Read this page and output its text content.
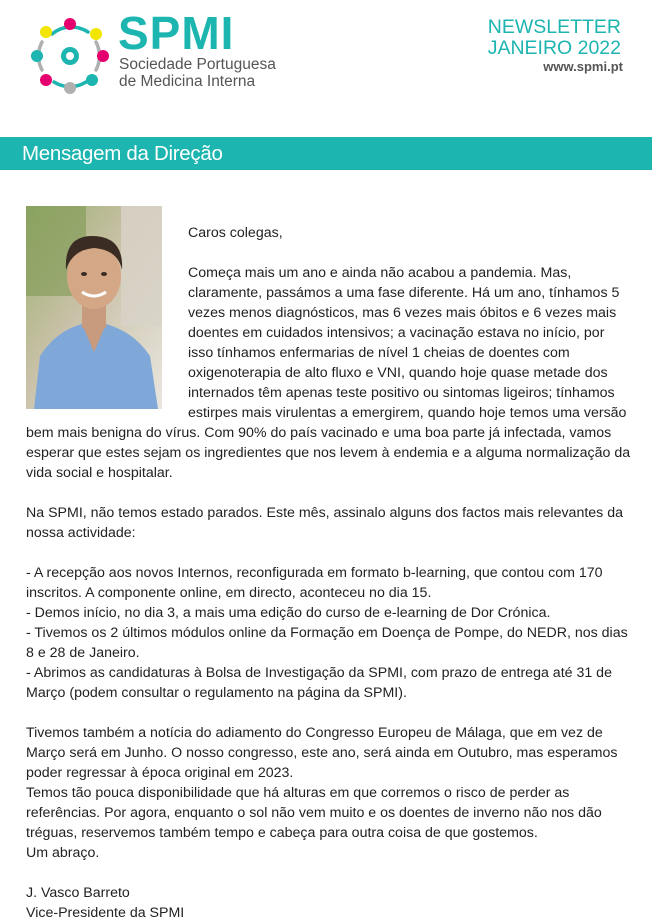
SPMI
Sociedade Portuguesa
de Medicina Interna
NEWSLETTER
JANEIRO 2022
www.spmi.pt
Mensagem da Direção

Caros colegas,

Começa mais um ano e ainda não acabou a pandemia. Mas, claramente, passámos a uma fase diferente. Há um ano, tínhamos 5 vezes menos diagnósticos, mas 6 vezes mais óbitos e 6 vezes mais doentes em cuidados intensivos; a vacinação estava no início, por isso tínhamos enfermarias de nível 1 cheias de doentes com oxigenoterapia de alto fluxo e VNI, quando hoje quase metade dos internados têm apenas teste positivo ou sintomas ligeiros; tínhamos estirpes mais virulentas a emergirem, quando hoje temos uma versão bem mais benigna do vírus. Com 90% do país vacinado e uma boa parte já infectada, vamos esperar que estes sejam os ingredientes que nos levem à endemia e a alguma normalização da vida social e hospitalar.

Na SPMI, não temos estado parados. Este mês, assinalo alguns dos factos mais relevantes da nossa actividade:

- A recepção aos novos Internos, reconfigurada em formato b-learning, que contou com 170 inscritos. A componente online, em directo, aconteceu no dia 15.

- Demos início, no dia 3, a mais uma edição do curso de e-learning de Dor Crónica.

- Tivemos os 2 últimos módulos online da Formação em Doença de Pompe, do NEDR, nos dias 8 e 28 de Janeiro.

- Abrimos as candidaturas à Bolsa de Investigação da SPMI, com prazo de entrega até 31 de Março (podem consultar o regulamento na página da SPMI).

Tivemos também a notícia do adiamento do Congresso Europeu de Málaga, que em vez de Março será em Junho. O nosso congresso, este ano, será ainda em Outubro, mas esperamos poder regressar à época original em 2023.

Temos tão pouca disponibilidade que há alturas em que corremos o risco de perder as referências. Por agora, enquanto o sol não vem muito e os doentes de inverno não nos dão tréguas, reservemos também tempo e cabeça para outra coisa de que gostemos.

Um abraço.

J. Vasco Barreto

Vice-Presidente da SPMI
